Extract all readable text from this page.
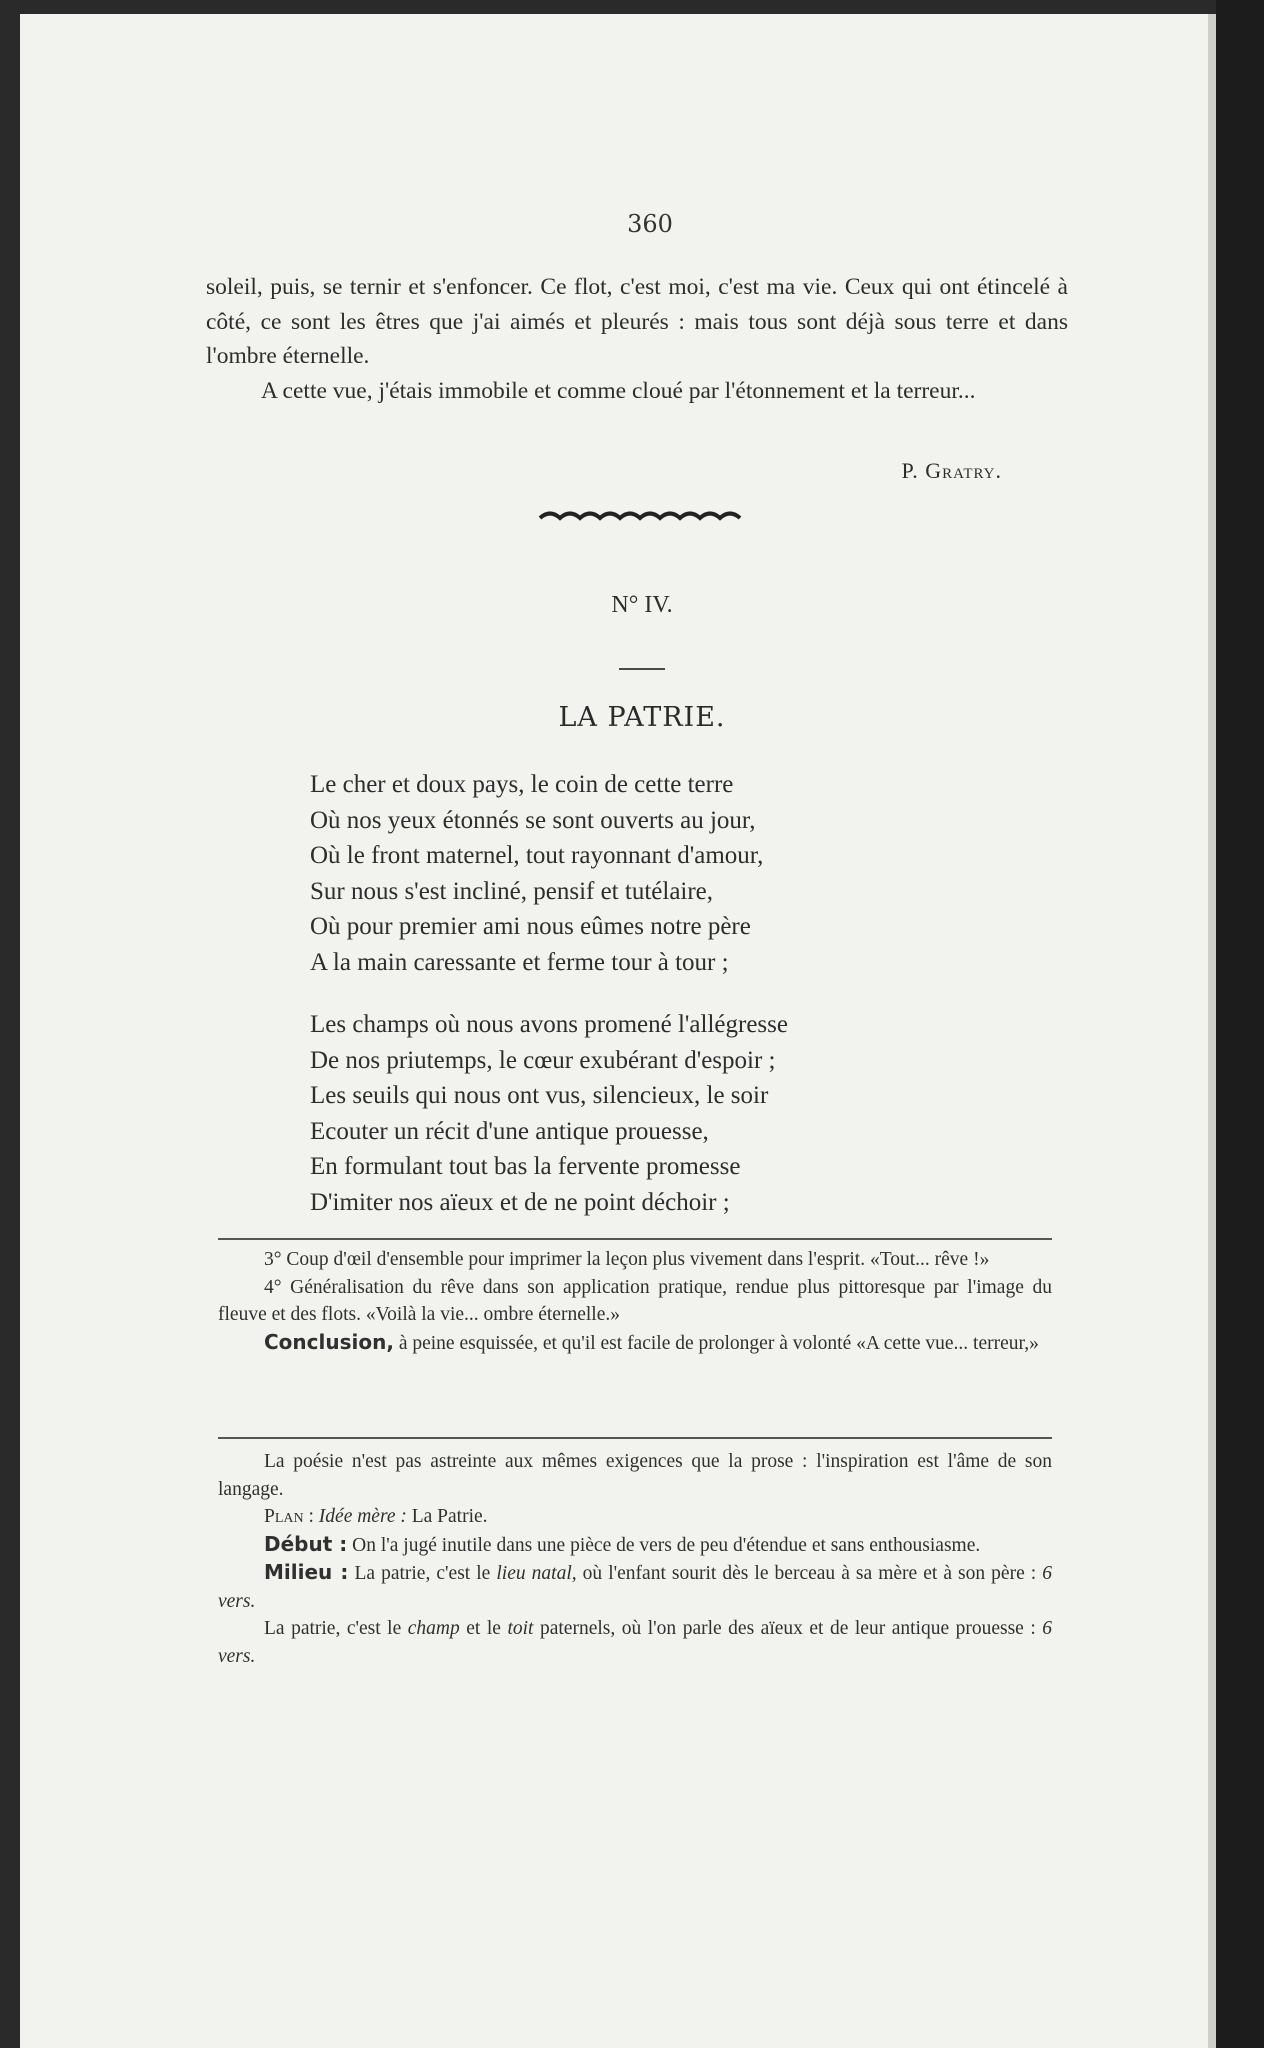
360

soleil, puis, se ternir et s'enfoncer. Ce flot, c'est moi, c'est ma vie. Ceux qui ont étincelé à côté, ce sont les êtres que j'ai aimés et pleurés : mais tous sont déjà sous terre et dans l'ombre éternelle.

A cette vue, j'étais immobile et comme cloué par l'étonnement et la terreur...

P. Gratry.
N° IV.
LA PATRIE.
Le cher et doux pays, le coin de cette terre
Où nos yeux étonnés se sont ouverts au jour,
Où le front maternel, tout rayonnant d'amour,
Sur nous s'est incliné, pensif et tutélaire,
Où pour premier ami nous eûmes notre père
A la main caressante et ferme tour à tour ;
Les champs où nous avons promené l'allégresse
De nos priutemps, le cœur exubérant d'espoir ;
Les seuils qui nous ont vus, silencieux, le soir
Ecouter un récit d'une antique prouesse,
En formulant tout bas la fervente promesse
D'imiter nos aïeux et de ne point déchoir ;

3° Coup d'œil d'ensemble pour imprimer la leçon plus vivement dans l'esprit. «Tout... rêve !»

4° Généralisation du rêve dans son application pratique, rendue plus pittoresque par l'image du fleuve et des flots. «Voilà la vie... ombre éternelle.»

Conclusion, à peine esquissée, et qu'il est facile de prolonger à volonté «A cette vue... terreur,»

La poésie n'est pas astreinte aux mêmes exigences que la prose : l'inspiration est l'âme de son langage.

Plan : Idée mère : La Patrie.

Début : On l'a jugé inutile dans une pièce de vers de peu d'étendue et sans enthousiasme.

Milieu : La patrie, c'est le lieu natal, où l'enfant sourit dès le berceau à sa mère et à son père : 6 vers.

La patrie, c'est le champ et le toit paternels, où l'on parle des aïeux et de leur antique prouesse : 6 vers.
